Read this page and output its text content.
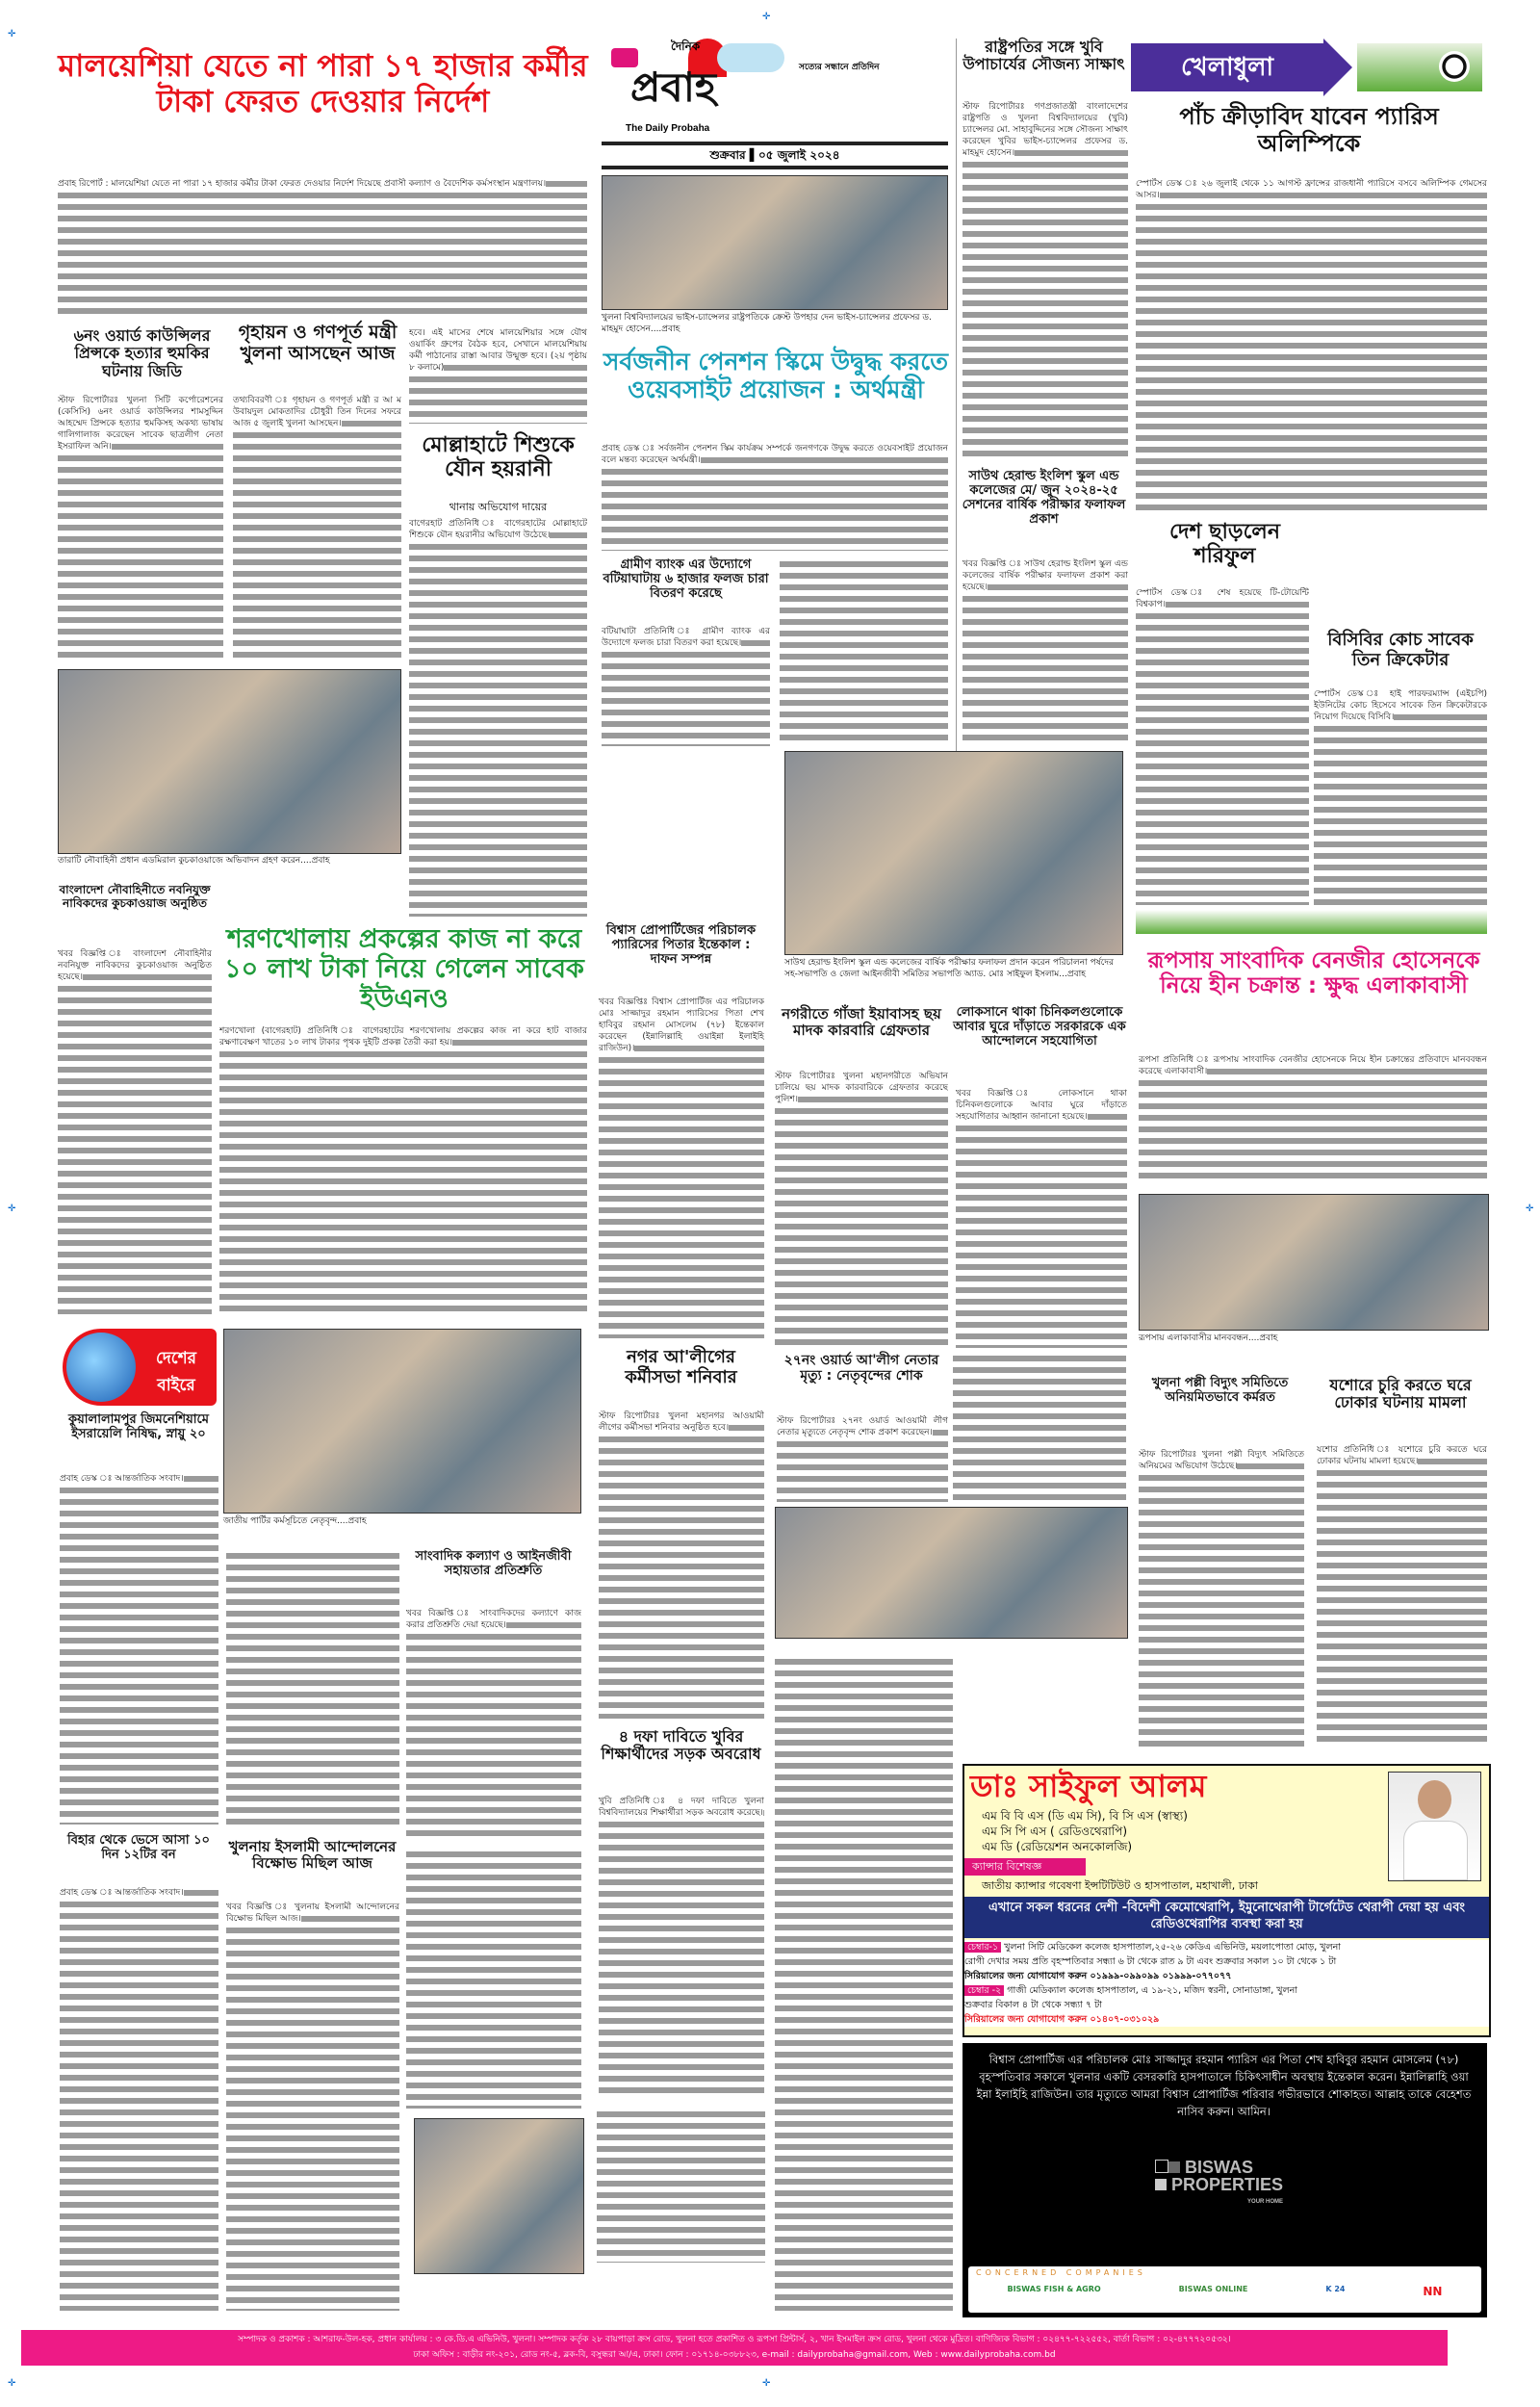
✛
✛
✛	✛
✛
✛
মালয়েশিয়া যেতে না পারা ১৭ হাজার কর্মীর টাকা ফেরত দেওয়ার নির্দেশ
প্রবাহ রিপোর্ট : মালয়েশিয়া যেতে না পারা ১৭ হাজার কর্মীর টাকা ফেরত দেওয়ার নির্দেশ দিয়েছে প্রবাসী কল্যাণ ও বৈদেশিক কর্মসংস্থান মন্ত্রণালয়।
হবে। এই মাসের শেষে মালয়েশিয়ার সঙ্গে যৌথ ওয়ার্কিং গ্রুপের বৈঠক হবে, সেখানে মালয়েশিয়ায় কর্মী পাঠানোর রাস্তা আবার উন্মুক্ত হবে। (২য় পৃষ্ঠায় ৮ কলামে)
দৈনিক
সত্যের সন্ধানে প্রতিদিন
প্রবাহ
The Daily Probaha
শুক্রবার ▌০৫ জুলাই ২০২৪
খুলনা বিশ্ববিদ্যালয়ের ভাইস-চ্যান্সেলর রাষ্ট্রপতিকে ক্রেস্ট উপহার দেন ভাইস-চ্যান্সেলর প্রফেসর ড. মাহমুদ হোসেন....প্রবাহ
সর্বজনীন পেনশন স্কিমে উদ্বুদ্ধ করতে ওয়েবসাইট প্রয়োজন : অর্থমন্ত্রী
প্রবাহ ডেস্ক ঃ সর্বজনীন পেনশন স্কিম কার্যক্রম সম্পর্কে জনগণকে উদ্বুদ্ধ করতে ওয়েবসাইট প্রয়োজন বলে মন্তব্য করেছেন অর্থমন্ত্রী।
গ্রামীণ ব্যাংক এর উদ্যোগে বটিয়াঘাটায় ৬ হাজার ফলজ চারা বিতরণ করেছে
বটিয়াঘাটা প্রতিনিধি ঃ গ্রামীণ ব্যাংক এর উদ্যোগে ফলজ চারা বিতরণ করা হয়েছে।
রাষ্ট্রপতির সঙ্গে খুবি উপাচার্যের সৌজন্য সাক্ষাৎ
স্টাফ রিপোর্টারঃ গণপ্রজাতন্ত্রী বাংলাদেশের রাষ্ট্রপতি ও খুলনা বিশ্ববিদ্যালয়ের (খুবি) চ্যান্সেলর মো. সাহাবুদ্দিনের সঙ্গে সৌজন্য সাক্ষাৎ করেছেন খুবির ভাইস-চ্যান্সেলর প্রফেসর ড. মাহমুদ হোসেন।
সাউথ হেরাল্ড ইংলিশ স্কুল এন্ড কলেজের মে/ জুন ২০২৪-২৫ সেশনের বার্ষিক পরীক্ষার ফলাফল প্রকাশ
খবর বিজ্ঞপ্তি ঃ সাউথ হেরাল্ড ইংলিশ স্কুল এন্ড কলেজের বার্ষিক পরীক্ষার ফলাফল প্রকাশ করা হয়েছে।
খেলাধুলা
পাঁচ ক্রীড়াবিদ যাবেন প্যারিস অলিম্পিকে
স্পোর্টস ডেস্ক ঃ ২৬ জুলাই থেকে ১১ আগস্ট ফ্রান্সের রাজধানী প্যারিসে বসবে অলিম্পিক গেমসের আসর।
দেশ ছাড়লেন শরিফুল
স্পোর্টস ডেস্ক ঃ শেষ হয়েছে টি-টোয়েন্টি বিশ্বকাপ।
বিসিবির কোচ সাবেক তিন ক্রিকেটার
স্পোর্টস ডেস্ক ঃ হাই পারফরম্যান্স (এইচপি) ইউনিটের কোচ হিসেবে সাবেক তিন ক্রিকেটারকে নিয়োগ দিয়েছে বিসিবি।
৬নং ওয়ার্ড কাউন্সিলর প্রিন্সকে হত্যার হুমকির ঘটনায় জিডি
স্টাফ রিপোর্টারঃ খুলনা সিটি কর্পোরেশনের (কেসিসি) ৬নং ওয়ার্ড কাউন্সিলর শামসুদ্দিন আহম্মেদ প্রিন্সকে হত্যার হুমকিসহ অকথ্য ভাষায় গালিগালাজ করেছেন সাবেক ছাত্রলীগ নেতা ইসরাফিল অনি।
গৃহায়ন ও গণপূর্ত মন্ত্রী খুলনা আসছেন আজ
তথ্যবিবরণী ঃ গৃহায়ন ও গণপূর্ত মন্ত্রী র আ ম উবায়দুল মোকতাদির চৌধুরী তিন দিনের সফরে আজ ৫ জুলাই খুলনা আসছেন।
মোল্লাহাটে শিশুকে যৌন হয়রানী
থানায় অভিযোগ দায়ের
বাগেরহাট প্রতিনিধি ঃ বাগেরহাটের মোল্লাহাটে শিশুকে যৌন হয়রানীর অভিযোগ উঠেছে।
তারাটি নৌবাহিনী প্রধান এডমিরাল কুচকাওয়াজে অভিবাদন গ্রহণ করেন....প্রবাহ
বাংলাদেশ নৌবাহিনীতে নবনিযুক্ত নাবিকদের কুচকাওয়াজ অনুষ্ঠিত
খবর বিজ্ঞপ্তি ঃ বাংলাদেশ নৌবাহিনীর নবনিযুক্ত নাবিকদের কুচকাওয়াজ অনুষ্ঠিত হয়েছে।
শরণখোলায় প্রকল্পের কাজ না করে ১০ লাখ টাকা নিয়ে গেলেন সাবেক ইউএনও
শরণখোলা (বাগেরহাট) প্রতিনিধি ঃ বাগেরহাটের শরণখোলায় প্রকল্পের কাজ না করে হাট বাজার রক্ষণাবেক্ষণ খাতের ১০ লাখ টাকার পৃথক দুইটি প্রকল্প তৈরী করা হয়।
বিশ্বাস প্রোপার্টিজের পরিচালক প্যারিসের পিতার ইন্তেকাল : দাফন সম্পন্ন
খবর বিজ্ঞপ্তিঃ বিশ্বাস প্রোপার্টিজ এর পরিচালক মোঃ সাজ্জাদুর রহমান প্যারিসের পিতা শেখ হাবিবুর রহমান মোসলেম (৭৮) ইন্তেকাল করেছেন (ইন্নালিল্লাহি ওয়াইন্না ইলাইহি রাজিউন)।
সাউথ হেরাল্ড ইংলিশ স্কুল এন্ড কলেজের বার্ষিক পরীক্ষার ফলাফল প্রদান করেন পরিচালনা পর্ষদের সহ-সভাপতি ও জেলা আইনজীবী সমিতির সভাপতি অ্যাড. মোঃ সাইফুল ইসলাম...প্রবাহ
নগরীতে গাঁজা ইয়াবাসহ ছয় মাদক কারবারি গ্রেফতার
স্টাফ রিপোর্টারঃ খুলনা মহানগরীতে অভিযান চালিয়ে ছয় মাদক কারবারিকে গ্রেফতার করেছে পুলিশ।
লোকসানে থাকা চিনিকলগুলোকে আবার ঘুরে দাঁড়াতে সরকারকে এক আন্দোলনে সহযোগিতা
খবর বিজ্ঞপ্তি ঃ লোকসানে থাকা চিনিকলগুলোকে আবার ঘুরে দাঁড়াতে সহযোগিতার আহ্বান জানানো হয়েছে।
রূপসায় সাংবাদিক বেনজীর হোসেনকে নিয়ে হীন চক্রান্ত : ক্ষুদ্ধ এলাকাবাসী
রূপসা প্রতিনিধি ঃ রূপসায় সাংবাদিক বেনজীর হোসেনকে নিয়ে হীন চক্রান্তের প্রতিবাদে মানববন্ধন করেছে এলাকাবাসী।
রূপসায় এলাকাবাসীর মানববন্ধন....প্রবাহ
খুলনা পল্লী বিদ্যুৎ সমিতিতে অনিয়মিতভাবে কর্মরত
স্টাফ রিপোর্টারঃ খুলনা পল্লী বিদ্যুৎ সমিতিতে অনিয়মের অভিযোগ উঠেছে।
যশোরে চুরি করতে ঘরে ঢোকার ঘটনায় মামলা
যশোর প্রতিনিধি ঃ যশোরে চুরি করতে ঘরে ঢোকার ঘটনায় মামলা হয়েছে।
দেশের বাইরে
কুয়ালালামপুর জিমনেশিয়ামে ইসরায়েলি নিষিদ্ধ, স্নায়ু ২০
প্রবাহ ডেস্ক ঃ আন্তর্জাতিক সংবাদ।
বিহার থেকে ভেসে আসা ১০ দিন ১২টির বন
প্রবাহ ডেস্ক ঃ আন্তর্জাতিক সংবাদ।
জাতীয় পার্টির কর্মসূচিতে নেতৃবৃন্দ....প্রবাহ
সাংবাদিক কল্যাণ ও আইনজীবী সহায়তার প্রতিশ্রুতি
খবর বিজ্ঞপ্তি ঃ সাংবাদিকদের কল্যাণে কাজ করার প্রতিশ্রুতি দেয়া হয়েছে।
খুলনায় ইসলামী আন্দোলনের বিক্ষোভ মিছিল আজ
খবর বিজ্ঞপ্তি ঃ খুলনায় ইসলামী আন্দোলনের বিক্ষোভ মিছিল আজ।
নগর আ'লীগের কর্মীসভা শনিবার
স্টাফ রিপোর্টারঃ খুলনা মহানগর আওয়ামী লীগের কর্মীসভা শনিবার অনুষ্ঠিত হবে।
২৭নং ওয়ার্ড আ'লীগ নেতার মৃত্যু : নেতৃবৃন্দের শোক
স্টাফ রিপোর্টারঃ ২৭নং ওয়ার্ড আওয়ামী লীগ নেতার মৃত্যুতে নেতৃবৃন্দ শোক প্রকাশ করেছেন।
৪ দফা দাবিতে খুবির শিক্ষার্থীদের সড়ক অবরোধ
খুবি প্রতিনিধি ঃ ৪ দফা দাবিতে খুলনা বিশ্ববিদ্যালয়ের শিক্ষার্থীরা সড়ক অবরোধ করেছে।
ডাঃ সাইফুল আলম
এম বি বি এস (ডি এম সি), বি সি এস (স্বাস্থ্য)
এম সি পি এস ( রেডিওথেরাপি)
এম ডি (রেডিয়েশন অনকোলজি)
ক্যান্সার বিশেষজ্ঞ
জাতীয় ক্যান্সার গবেষণা ইন্সটিটিউট ও হাসপাতাল, মহাখালী, ঢাকা
এখানে সকল ধরনের দেশী -বিদেশী কেমোথেরাপি, ইমুনোথেরাপী টার্গেটেড থেরাপী দেয়া হয় এবং রেডিওথেরাপির ব্যবস্থা করা হয়
চেম্বার-১ খুলনা সিটি মেডিকেল কলেজ হাসপাতাল,২৫-২৬ কেডিএ এভিনিউ, ময়লাপোতা মোড়, খুলনা
রোগী দেখার সময় প্রতি বৃহস্পতিবার সন্ধ্যা ৬ টা থেকে রাত ৯ টা এবং শুক্রবার সকাল ১০ টা থেকে ১ টা
সিরিয়ালের জন্য যোগাযোগ করুন ০১৯৯৯-০৯৯০৯৯ ০১৯৯৯-০৭৭০৭৭
চেম্বার -২ গাজী মেডিক্যাল কলেজ হাসপাতাল, এ ১৯-২১, মজিদ স্বরনী, সোনাডাঙ্গা, খুলনা
শুক্রবার বিকাল ৪ টা থেকে সন্ধ্যা ৭ টা
সিরিয়ালের জন্য যোগাযোগ করুন ০১৪০৭-০৩১০২৯
বিশ্বাস প্রোপার্টিজ এর পরিচালক মোঃ সাজ্জাদুর রহমান প্যারিস এর পিতা শেখ হাবিবুর রহমান মোসলেম (৭৮) বৃহস্পতিবার সকালে খুলনার একটি বেসরকারি হাসপাতালে চিকিৎসাধীন অবস্থায় ইন্তেকাল করেন। ইন্নালিল্লাহি ওয়া ইন্না ইলাইহি রাজিউন। তার মৃত্যুতে আমরা বিশ্বাস প্রোপার্টিজ পরিবার গভীরভাবে শোকাহত। আল্লাহ তাকে বেহেশত নাসিব করুন। আমিন।
BISWAS
PROPERTIES
YOUR HOME
CONCERNED COMPANIES
BISWAS FISH & AGRO	BISWAS ONLINE	K 24	NN
সম্পাদক ও প্রকাশক : আশরাফ-উল-হক, প্রধান কার্যালয় : ৩ কে.ডি.এ এভিনিউ, খুলনা। সম্পাদক কর্তৃক ২৮ বায়পাড়া ক্রস রোড, খুলনা হতে প্রকাশিত ও রূপসা প্রিন্টার্স, ২, খান ইসমাইল ক্রস রোড, খুলনা থেকে মুদ্রিত। বাণিজ্যিক বিভাগ : ০২৪৭৭-৭২২৫৫২, বার্তা বিভাগ : ০২-৪৭৭৭২০৫৩২।
ঢাকা অফিস : বাড়ীর নং-২০১, রোড নং-৫, ব্লক-বি, বসুন্ধরা আ/এ, ঢাকা। ফোন : ০১৭১৪-০৩৮৮২৩, e-mail : dailyprobaha@gmail.com, Web : www.dailyprobaha.com.bd
